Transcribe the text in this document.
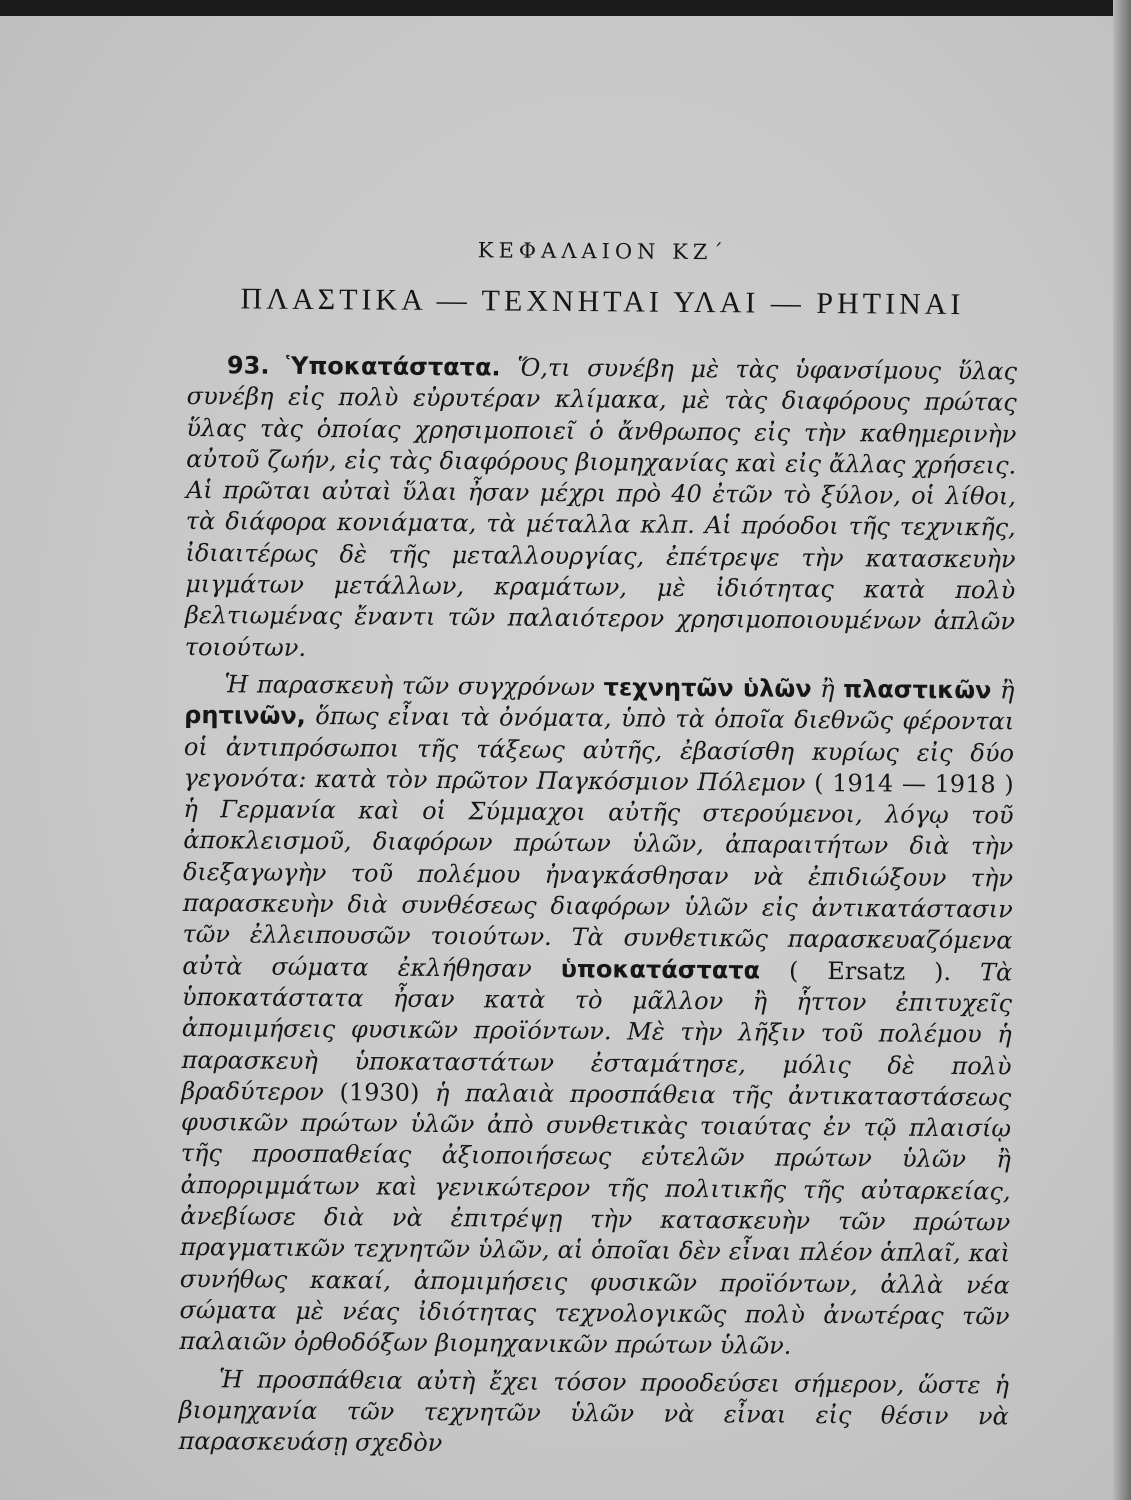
ΚΕΦΑΛΑΙΟΝ ΚΖ΄
ΠΛΑΣΤΙΚΑ — ΤΕΧΝΗΤΑΙ ΥΛΑΙ — ΡΗΤΙΝΑΙ

93. Ὑποκατάστατα. Ὅ,τι συνέβη μὲ τὰς ὑφανσίμους ὕλας συνέβη εἰς πολὺ εὐρυτέραν κλίμακα, μὲ τὰς διαφόρους πρώτας ὕλας τὰς ὁποίας χρησιμοποιεῖ ὁ ἄνθρωπος εἰς τὴν καθημερινὴν αὐτοῦ ζωήν, εἰς τὰς διαφόρους βιομηχανίας καὶ εἰς ἄλλας χρήσεις. Αἱ πρῶται αὐταὶ ὕλαι ἦσαν μέχρι πρὸ 40 ἐτῶν τὸ ξύλον, οἱ λίθοι, τὰ διάφορα κονιάματα, τὰ μέταλλα κλπ. Αἱ πρόοδοι τῆς τεχνικῆς, ἰδιαιτέρως δὲ τῆς μεταλλουργίας, ἐπέτρεψε τὴν κατασκευὴν μιγμάτων μετάλλων, κραμάτων, μὲ ἰδιότητας κατὰ πολὺ βελτιωμένας ἔναντι τῶν παλαιότερον χρησιμοποιουμένων ἁπλῶν τοιούτων.

Ἡ παρασκευὴ τῶν συγχρόνων τεχνητῶν ὑλῶν ἢ πλαστικῶν ἢ ρητινῶν, ὅπως εἶναι τὰ ὀνόματα, ὑπὸ τὰ ὁποῖα διεθνῶς φέρονται οἱ ἀντιπρόσωποι τῆς τάξεως αὐτῆς, ἐβασίσθη κυρίως εἰς δύο γεγονότα: κατὰ τὸν πρῶτον Παγκόσμιον Πόλεμον ( 1914 — 1918 ) ἡ Γερμανία καὶ οἱ Σύμμαχοι αὐτῆς στερούμενοι, λόγῳ τοῦ ἀποκλεισμοῦ, διαφόρων πρώτων ὑλῶν, ἀπαραιτήτων διὰ τὴν διεξαγωγὴν τοῦ πολέμου ἠναγκάσθησαν νὰ ἐπιδιώξουν τὴν παρασκευὴν διὰ συνθέσεως διαφόρων ὑλῶν εἰς ἀντικατάστασιν τῶν ἐλλειπουσῶν τοιούτων. Τὰ συνθετικῶς παρασκευαζόμενα αὐτὰ σώματα ἐκλήθησαν ὑποκατάστατα ( Ersatz ). Τὰ ὑποκατάστατα ἦσαν κατὰ τὸ μᾶλλον ἢ ἧττον ἐπιτυχεῖς ἀπομιμήσεις φυσικῶν προϊόντων. Μὲ τὴν λῆξιν τοῦ πολέμου ἡ παρασκευὴ ὑποκαταστάτων ἐσταμάτησε, μόλις δὲ πολὺ βραδύτερον (1930) ἡ παλαιὰ προσπάθεια τῆς ἀντικαταστάσεως φυσικῶν πρώτων ὑλῶν ἀπὸ συνθετικὰς τοιαύτας ἐν τῷ πλαισίῳ τῆς προσπαθείας ἀξιοποιήσεως εὐτελῶν πρώτων ὑλῶν ἢ ἀπορριμμάτων καὶ γενικώτερον τῆς πολιτικῆς τῆς αὐταρκείας, ἀνεβίωσε διὰ νὰ ἐπιτρέψῃ τὴν κατασκευὴν τῶν πρώτων πραγματικῶν τεχνητῶν ὑλῶν, αἱ ὁποῖαι δὲν εἶναι πλέον ἁπλαῖ, καὶ συνήθως κακαί, ἀπομιμήσεις φυσικῶν προϊόντων, ἀλλὰ νέα σώματα μὲ νέας ἰδιότητας τεχνολογικῶς πολὺ ἀνωτέρας τῶν παλαιῶν ὀρθοδόξων βιομηχανικῶν πρώτων ὑλῶν.

Ἡ προσπάθεια αὐτὴ ἔχει τόσον προοδεύσει σήμερον, ὥστε ἡ βιομηχανία τῶν τεχνητῶν ὑλῶν νὰ εἶναι εἰς θέσιν νὰ παρασκευάσῃ σχεδὸν
